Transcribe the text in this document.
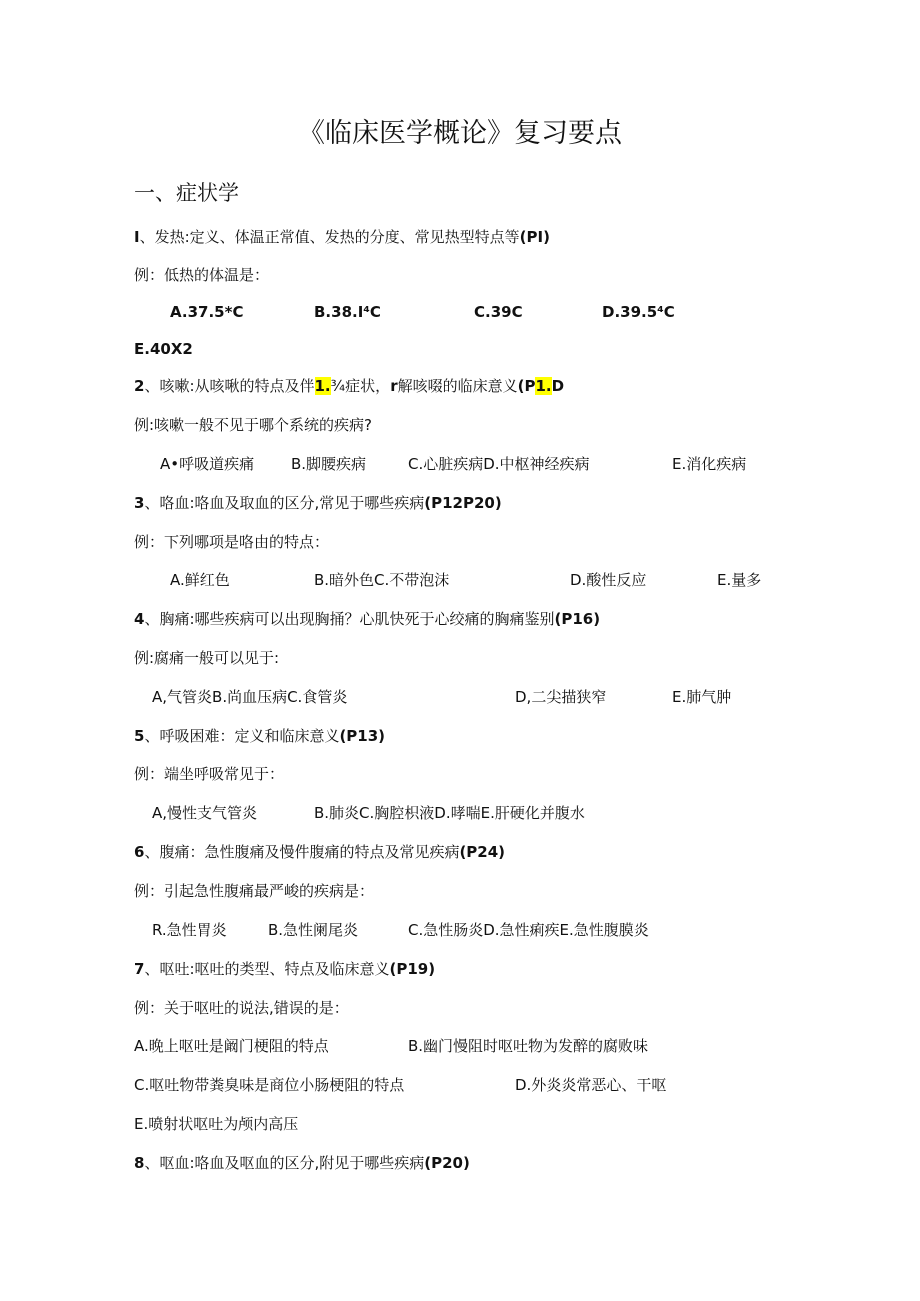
《临床医学概论》复习要点
一、症状学
I、发热:定义、体温正常值、发热的分度、常见热型特点等(PI)
例：低热的体温是：
A.37.5*C	B.38.I⁴C	C.39C	D.39.5⁴C
E.40X2
2、咳嗽:从咳啾的特点及伴1.¾症状，r解咳啜的临床意义(P1.D
例:咳嗽一般不见于哪个系统的疾病?
A•呼吸道疾痛 B.脚腰疾病	C.心脏疾病D.中枢神经疾病	E.消化疾病
3、咯血:咯血及取血的区分,常见于哪些疾病(P12P20)
例：下列哪项是咯由的特点：
A.鲜红色	B.暗外色C.不带泡沫	D.酸性反应	E.量多
4、胸痛:哪些疾病可以出现胸捅？心肌快死于心绞痛的胸痛鉴别(P16)
例:腐痛一般可以见于:
A,气管炎B.尚血压病C.食管炎	D,二尖描狭窄	E.肺气肿
5、呼吸困难：定义和临床意义(P13)
例：端坐呼吸常见于：
A,慢性支气管炎	B.肺炎C.胸腔枳液D.哮喘E.肝硬化并腹水
6、腹痛：急性腹痛及慢件腹痛的特点及常见疾病(P24)
例：引起急性腹痛最严峻的疾病是：
R.急性胃炎	B.急性阑尾炎	C.急性肠炎D.急性痢疾E.急性腹膜炎
7、呕吐:呕吐的类型、特点及临床意义(P19)
例：关于呕吐的说法,错误的是：
A.晚上呕吐是阚门梗阻的特点	B.幽门慢阻时呕吐物为发醉的腐败味
C.呕吐物带粪臭味是商位小肠梗阻的特点	D.外炎炎常恶心、干呕
E.喷射状呕吐为颅内高压
8、呕血:咯血及呕血的区分,附见于哪些疾病(P20)
